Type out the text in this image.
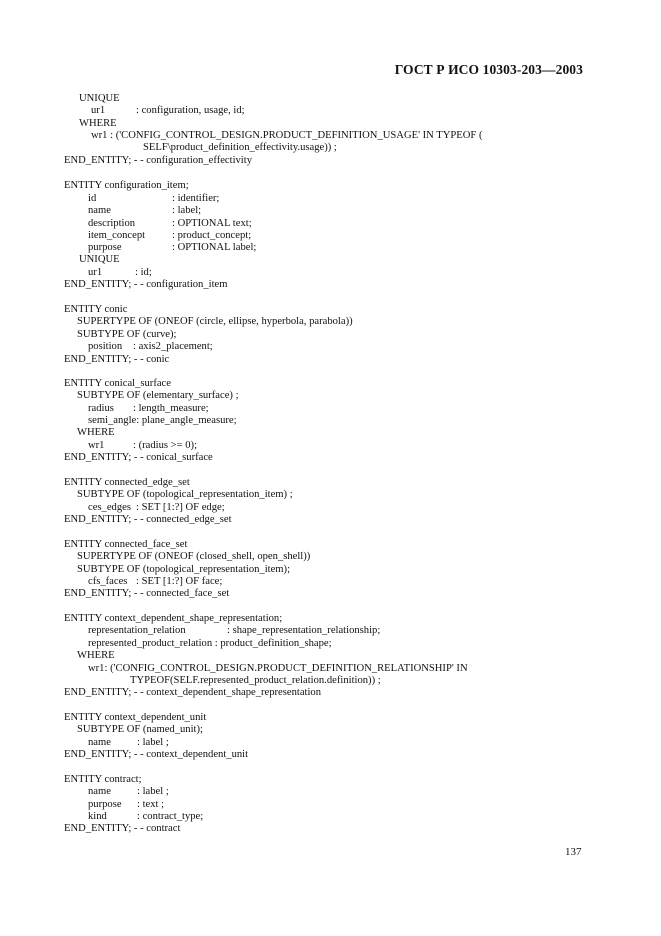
ГОСТ Р ИСО 10303-203—2003
UNIQUE
ur1	: configuration, usage, id;
WHERE
wr1 : ('CONFIG_CONTROL_DESIGN.PRODUCT_DEFINITION_USAGE' IN TYPEOF (
SELF\product_definition_effectivity.usage)) ;
END_ENTITY; - - configuration_effectivity
ENTITY configuration_item;
id	: identifier;
name	: label;
description	: OPTIONAL text;
item_concept	: product_concept;
purpose	: OPTIONAL label;
UNIQUE
ur1	: id;
END_ENTITY; - - configuration_item
ENTITY conic
SUPERTYPE OF (ONEOF (circle, ellipse, hyperbola, parabola))
SUBTYPE OF (curve);
position : axis2_placement;
END_ENTITY; - - conic
ENTITY conical_surface
SUBTYPE OF (elementary_surface) ;
radius : length_measure;
semi_angle: plane_angle_measure;
WHERE
wr1	: (radius >= 0);
END_ENTITY; - - conical_surface
ENTITY connected_edge_set
SUBTYPE OF (topological_representation_item) ;
ces_edges : SET [1:?] OF edge;
END_ENTITY; - - connected_edge_set
ENTITY connected_face_set
SUPERTYPE OF (ONEOF (closed_shell, open_shell))
SUBTYPE OF (topological_representation_item);
cfs_faces : SET [1:?] OF face;
END_ENTITY; - - connected_face_set
ENTITY context_dependent_shape_representation;
representation_relation	: shape_representation_relationship;
represented_product_relation : product_definition_shape;
WHERE
wr1: ('CONFIG_CONTROL_DESIGN.PRODUCT_DEFINITION_RELATIONSHIP' IN
TYPEOF(SELF.represented_product_relation.definition)) ;
END_ENTITY; - - context_dependent_shape_representation
ENTITY context_dependent_unit
SUBTYPE OF (named_unit);
name : label ;
END_ENTITY; - - context_dependent_unit
ENTITY contract;
name : label ;
purpose : text ;
kind	: contract_type;
END_ENTITY; - - contract
137
